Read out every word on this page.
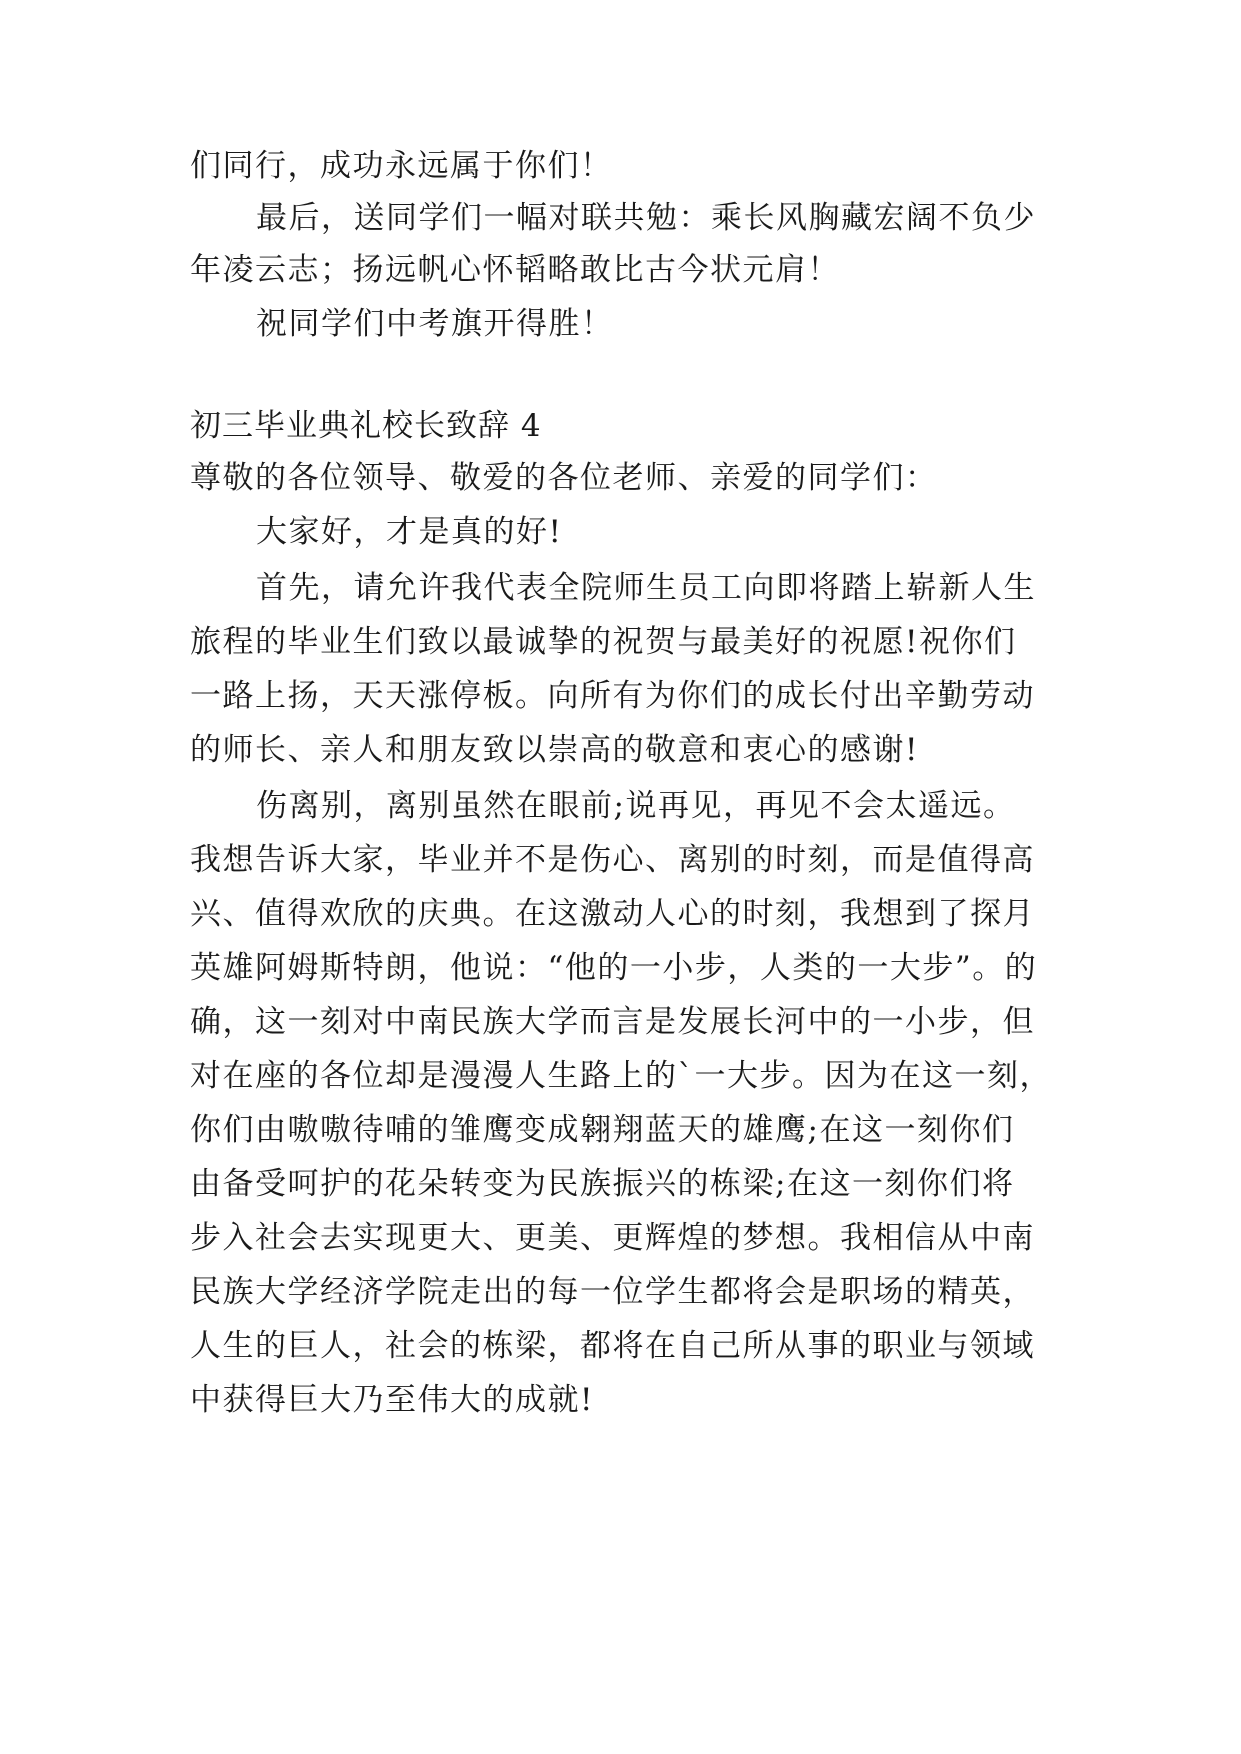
们同行，成功永远属于你们！
最后，送同学们一幅对联共勉：乘长风胸藏宏阔不负少
年凌云志；扬远帆心怀韬略敢比古今状元肩！
祝同学们中考旗开得胜！
初三毕业典礼校长致辞 4
尊敬的各位领导、敬爱的各位老师、亲爱的同学们：
大家好，才是真的好!
首先，请允许我代表全院师生员工向即将踏上崭新人生
旅程的毕业生们致以最诚挚的祝贺与最美好的祝愿!祝你们
一路上扬，天天涨停板。向所有为你们的成长付出辛勤劳动
的师长、亲人和朋友致以崇高的敬意和衷心的感谢!
伤离别，离别虽然在眼前;说再见，再见不会太遥远。
我想告诉大家，毕业并不是伤心、离别的时刻，而是值得高
兴、值得欢欣的庆典。在这激动人心的时刻，我想到了探月
英雄阿姆斯特朗，他说：“他的一小步，人类的一大步”。的
确，这一刻对中南民族大学而言是发展长河中的一小步，但
对在座的各位却是漫漫人生路上的`一大步。因为在这一刻，
你们由嗷嗷待哺的雏鹰变成翱翔蓝天的雄鹰;在这一刻你们
由备受呵护的花朵转变为民族振兴的栋梁;在这一刻你们将
步入社会去实现更大、更美、更辉煌的梦想。我相信从中南
民族大学经济学院走出的每一位学生都将会是职场的精英，
人生的巨人，社会的栋梁，都将在自己所从事的职业与领域
中获得巨大乃至伟大的成就!
